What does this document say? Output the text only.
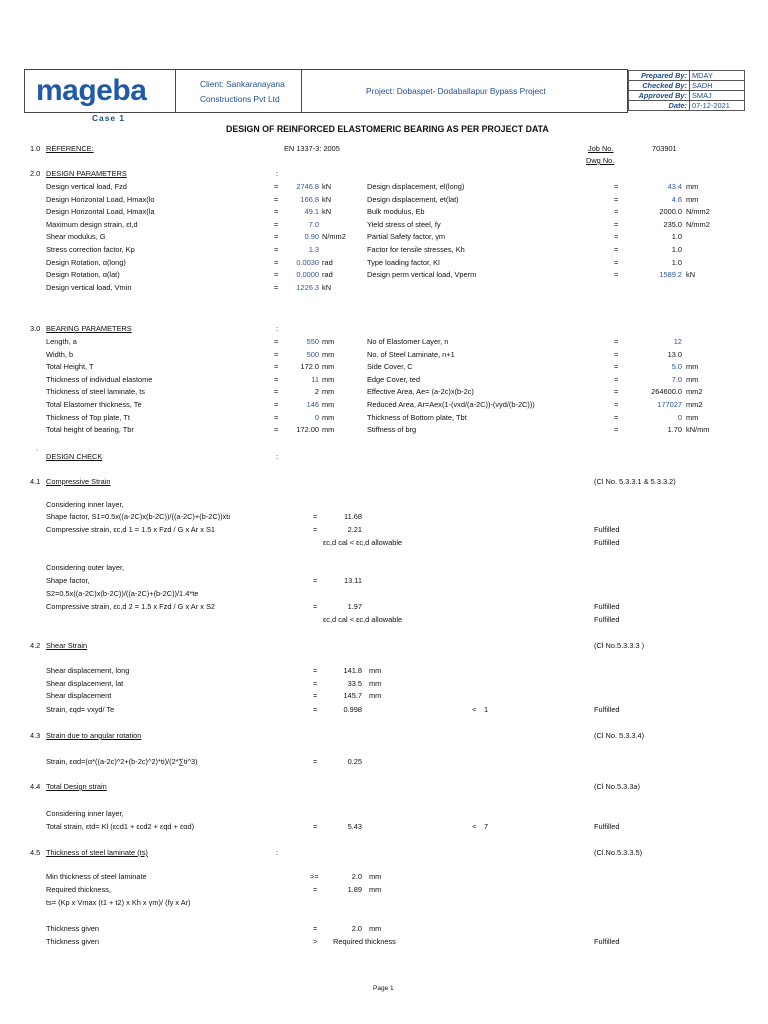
mageba	Client: Sankaranayana
Constructions Pvt Ltd
Project: Dobaspet- Dodaballapur Bypass Project
Prepared By:	MDAY
Checked By:	SADH
Approved By:	SMAJ
Date:	07-12-2021
Case 1
DESIGN OF REINFORCED ELASTOMERIC BEARING AS PER PROJECT DATA
1.0 REFERENCE:	EN 1337-3: 2005	Job No.	703901
Dwg No.
2.0 DESIGN PARAMETERS	:
Design vertical load, Fzd	=	2746.8 kN
Design Horizontal Load, Hmax(lo	=	166.8 kN
Design Horizontal Load, Hmax(la	=	49.1 kN
Maximum design strain, εt,d	=	7.0
Shear modulus, G	=	0.90 N/mm2
Stress correction factor, Kp	=	1.3
Design Rotation, α(long)	=	0.0030 rad
Design Rotation, α(lat)	=	0.0000 rad
Design vertical load, Vmin	=	1226.3 kN
Design displacement, el(long)	=	43.4 mm
Design displacement, et(lat)	=	4.6 mm
Bulk modulus, Eb	=	2000.0 N/mm2
Yield stress of steel, fy	=	235.0 N/mm2
Partial Safety factor, γm	=	1.0
Factor for tensile stresses, Kh	=	1.0
Type loading factor, Kl	=	1.0
Design perm vertical load, Vperm	=	1589.2 kN
3.0 BEARING PARAMETERS	:
Length, a	=	550 mm
Width, b	=	500 mm
Total Height, T	=	172.0 mm
Thickness of individual elastome	=	11 mm
Thickness of steel laminate, ts	=	2 mm
Total Elastomer thickness, Te	=	146 mm
Thickness of Top plate, Tt	=	0 mm
Total height of bearing, Tbr	=	172.00 mm
No of Elastomer Layer, n	=	12
No. of Steel Laminate, n+1	=	13.0
Side Cover, C	=	5.0 mm
Edge Cover, ted	=	7.0 mm
Effective Area, Ae= (a-2c)x(b-2c)	=	264600.0 mm2
Reduced Area, Ar=Aex(1-(vxd/(a-2C))-(vyd/(b-2C)))	=	177027 mm2
Thickness of Bottom plate, Tbt	=	0 mm
Stiffness of brg	=	1.70 kN/mm
` DESIGN CHECK	:
4.1 Compressive Strain	(Cl No. 5.3.3.1 & 5.3.3.2)
Considering inner layer,
Shape factor, S1=0.5x((a-2C)x(b-2C))/((a-2C)+(b-2C))xti	=	11.68
Compressive strain, εc,d 1 = 1.5 x Fzd / G x Ar x S1	=	2.21	Fulfilled
εc,d cal < εc,d allowable	Fulfilled
Considering outer layer,
Shape factor,	=	13.11
S2=0.5x((a-2C)x(b-2C))/((a-2C)+(b-2C))/1.4*te
Compressive strain, εc,d 2 = 1.5 x Fzd / G x Ar x S2	=	1.97	Fulfilled
εc,d cal < εc,d allowable	Fulfilled
4.2 Shear Strain	(Cl No.5.3.3.3 )
Shear displacement, long	=	141.8 mm
Shear displacement, lat	=	33.5 mm
Shear displacement	=	145.7 mm
Strain, εqd= vxyd/ Te	=	0.998	< 1	Fulfilled
4.3 Strain due to angular rotation	(Cl No. 5.3.3.4)
Strain, εαd=(α*((a-2c)^2+(b-2c)^2)*ti)/(2*∑ti^3)	=	0.25
4.4 Total Design strain	(Cl No.5.3.3a)
Considering inner layer,
Total strain, εtd= Kl (εcd1 + εcd2 + εqd + εαd)	=	5.43	< 7	Fulfilled
4.5 Thickness of steel laminate (ts)	:	(Cl.No.5.3.3.5)
Min thickness of steel laminate	>=	2.0 mm
Required thickness,	=	1.89 mm
ts= (Kp x Vmax (t1 + t2) x Kh x γm)/ (fy x Ar)
Thickness given	=	2.0 mm
Thickness given	> Required thickness	Fulfilled
Page 1
